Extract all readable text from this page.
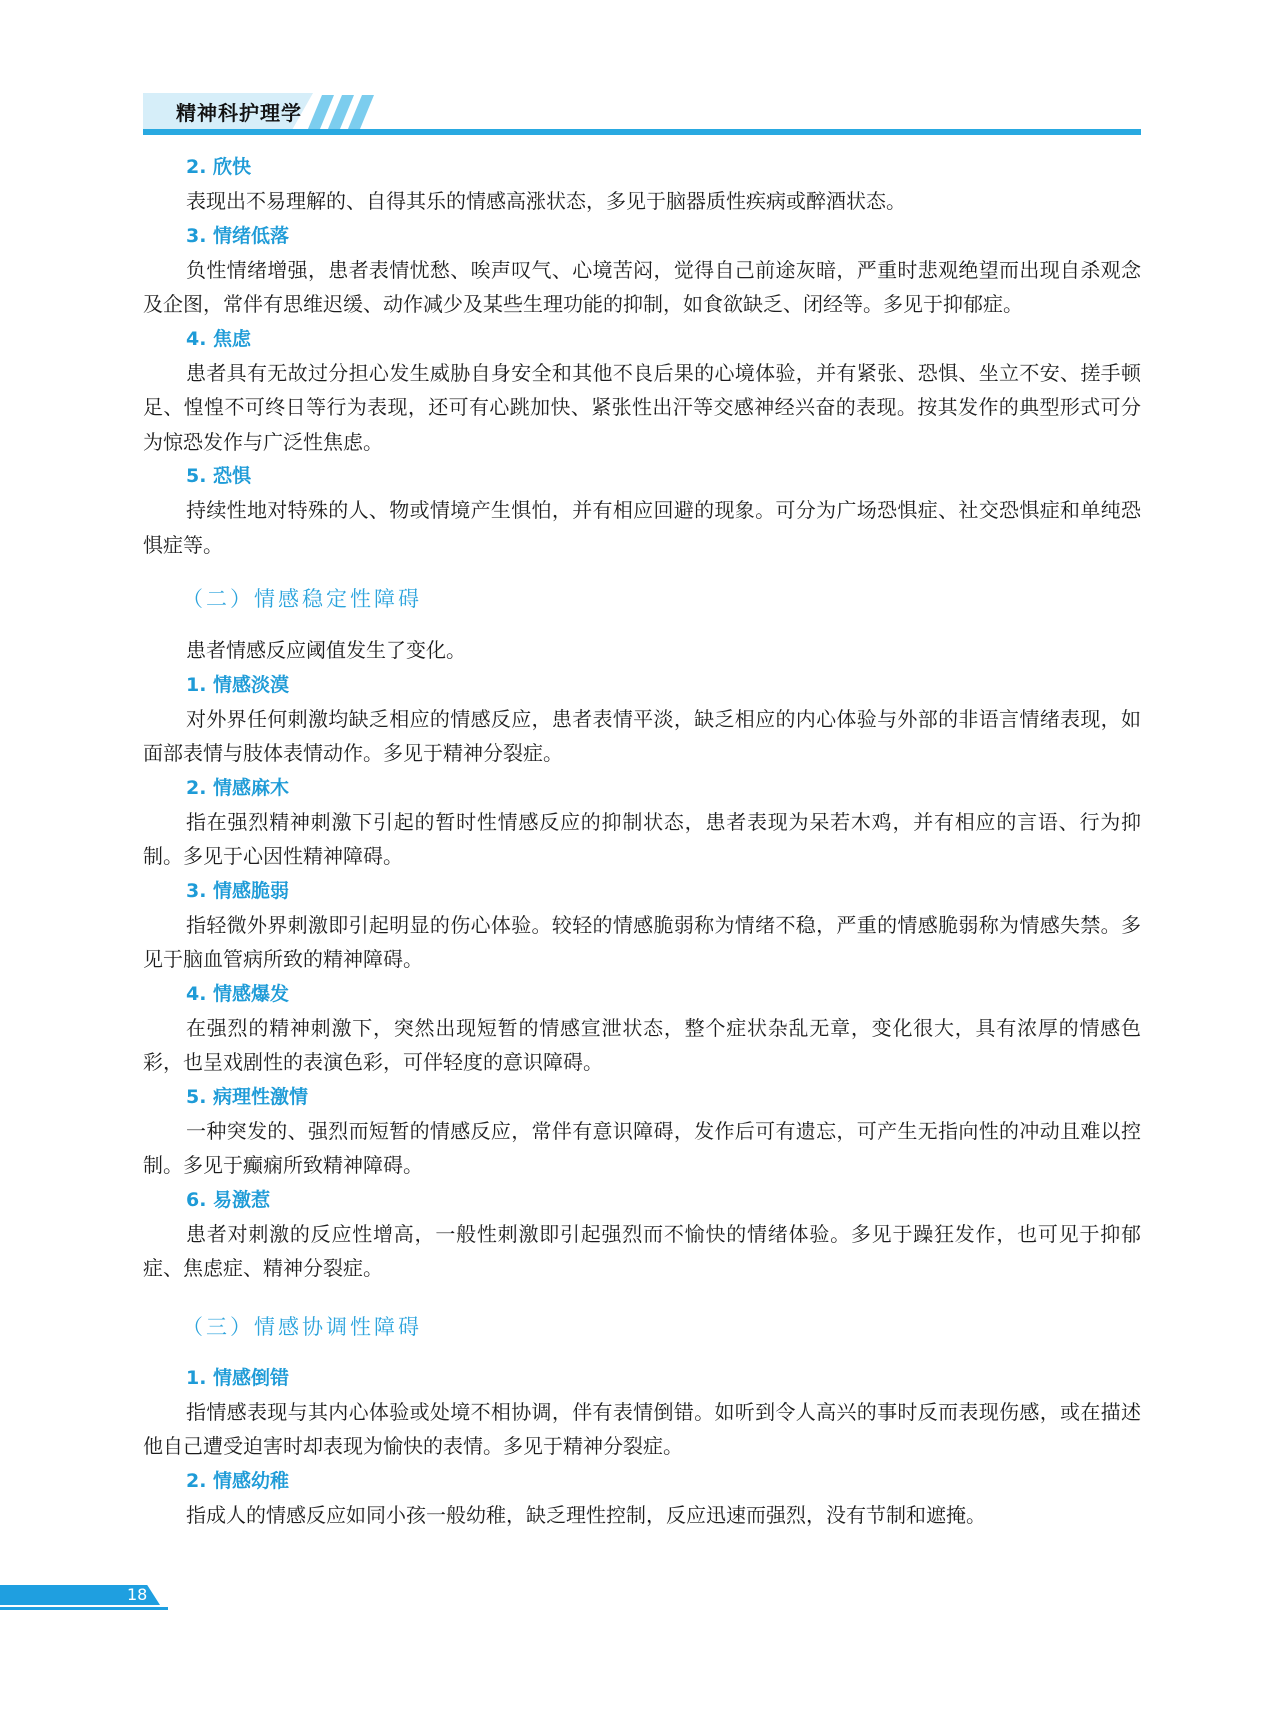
精神科护理学
2. 欣快

表现出不易理解的、自得其乐的情感高涨状态，多见于脑器质性疾病或醉酒状态。

3. 情绪低落

负性情绪增强，患者表情忧愁、唉声叹气、心境苦闷，觉得自己前途灰暗，严重时悲观绝望而出现自杀观念及企图，常伴有思维迟缓、动作减少及某些生理功能的抑制，如食欲缺乏、闭经等。多见于抑郁症。

4. 焦虑

患者具有无故过分担心发生威胁自身安全和其他不良后果的心境体验，并有紧张、恐惧、坐立不安、搓手顿足、惶惶不可终日等行为表现，还可有心跳加快、紧张性出汗等交感神经兴奋的表现。按其发作的典型形式可分为惊恐发作与广泛性焦虑。

5. 恐惧

持续性地对特殊的人、物或情境产生惧怕，并有相应回避的现象。可分为广场恐惧症、社交恐惧症和单纯恐惧症等。

（二）情感稳定性障碍

患者情感反应阈值发生了变化。

1. 情感淡漠

对外界任何刺激均缺乏相应的情感反应，患者表情平淡，缺乏相应的内心体验与外部的非语言情绪表现，如面部表情与肢体表情动作。多见于精神分裂症。

2. 情感麻木

指在强烈精神刺激下引起的暂时性情感反应的抑制状态，患者表现为呆若木鸡，并有相应的言语、行为抑制。多见于心因性精神障碍。

3. 情感脆弱

指轻微外界刺激即引起明显的伤心体验。较轻的情感脆弱称为情绪不稳，严重的情感脆弱称为情感失禁。多见于脑血管病所致的精神障碍。

4. 情感爆发

在强烈的精神刺激下，突然出现短暂的情感宣泄状态，整个症状杂乱无章，变化很大，具有浓厚的情感色彩，也呈戏剧性的表演色彩，可伴轻度的意识障碍。

5. 病理性激情

一种突发的、强烈而短暂的情感反应，常伴有意识障碍，发作后可有遗忘，可产生无指向性的冲动且难以控制。多见于癫痫所致精神障碍。

6. 易激惹

患者对刺激的反应性增高，一般性刺激即引起强烈而不愉快的情绪体验。多见于躁狂发作，也可见于抑郁症、焦虑症、精神分裂症。

（三）情感协调性障碍
1. 情感倒错

指情感表现与其内心体验或处境不相协调，伴有表情倒错。如听到令人高兴的事时反而表现伤感，或在描述他自己遭受迫害时却表现为愉快的表情。多见于精神分裂症。

2. 情感幼稚

指成人的情感反应如同小孩一般幼稚，缺乏理性控制，反应迅速而强烈，没有节制和遮掩。

18
